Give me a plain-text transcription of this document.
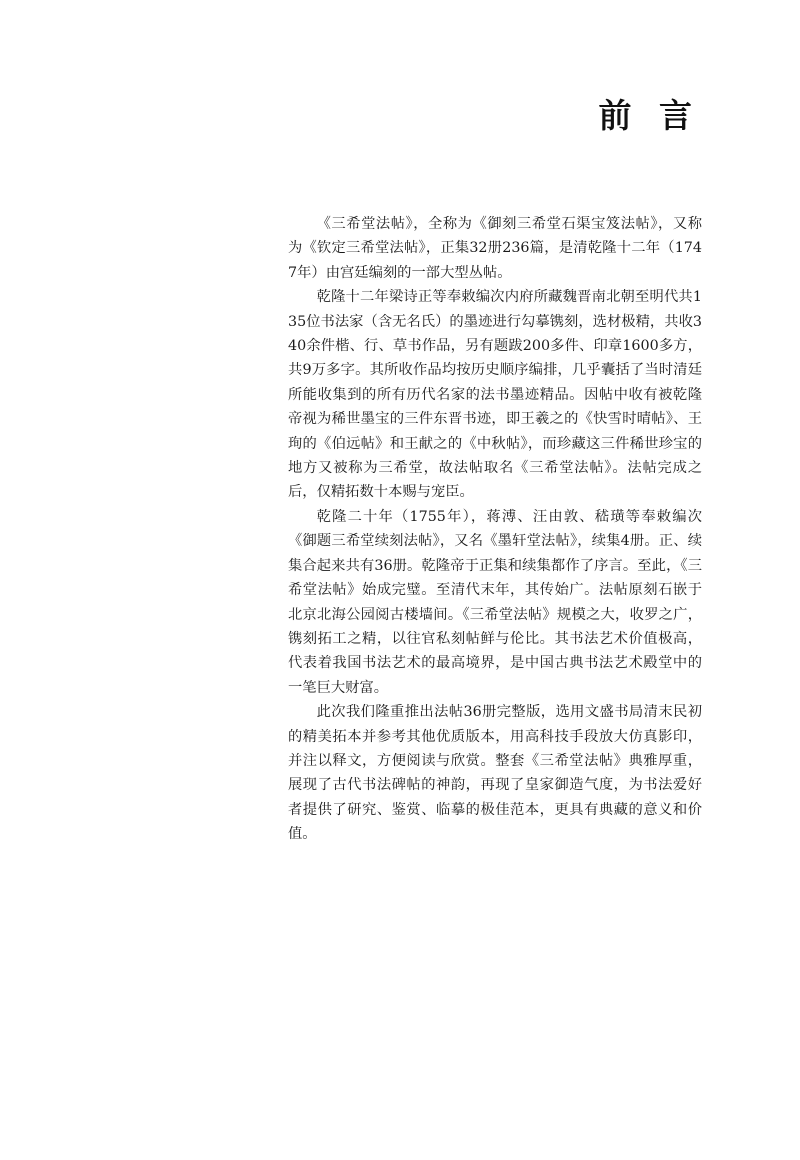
前 言

《三希堂法帖》，全称为《御刻三希堂石渠宝笈法帖》，又称为《钦定三希堂法帖》，正集32册236篇，是清乾隆十二年（1747年）由宫廷编刻的一部大型丛帖。

乾隆十二年梁诗正等奉敕编次内府所藏魏晋南北朝至明代共135位书法家（含无名氏）的墨迹进行勾摹镌刻，选材极精，共收340余件楷、行、草书作品，另有题跋200多件、印章1600多方，共9万多字。其所收作品均按历史顺序编排，几乎囊括了当时清廷所能收集到的所有历代名家的法书墨迹精品。因帖中收有被乾隆帝视为稀世墨宝的三件东晋书迹，即王羲之的《快雪时晴帖》、王珣的《伯远帖》和王献之的《中秋帖》，而珍藏这三件稀世珍宝的地方又被称为三希堂，故法帖取名《三希堂法帖》。法帖完成之后，仅精拓数十本赐与宠臣。

乾隆二十年（1755年），蒋溥、汪由敦、嵇璜等奉敕编次《御题三希堂续刻法帖》，又名《墨轩堂法帖》，续集4册。正、续集合起来共有36册。乾隆帝于正集和续集都作了序言。至此，《三希堂法帖》始成完璧。至清代末年，其传始广。法帖原刻石嵌于北京北海公园阅古楼墙间。《三希堂法帖》规模之大，收罗之广，镌刻拓工之精，以往官私刻帖鲜与伦比。其书法艺术价值极高，代表着我国书法艺术的最高境界，是中国古典书法艺术殿堂中的一笔巨大财富。

此次我们隆重推出法帖36册完整版，选用文盛书局清末民初的精美拓本并参考其他优质版本，用高科技手段放大仿真影印，并注以释文，方便阅读与欣赏。整套《三希堂法帖》典雅厚重，展现了古代书法碑帖的神韵，再现了皇家御造气度，为书法爱好者提供了研究、鉴赏、临摹的极佳范本，更具有典藏的意义和价值。
